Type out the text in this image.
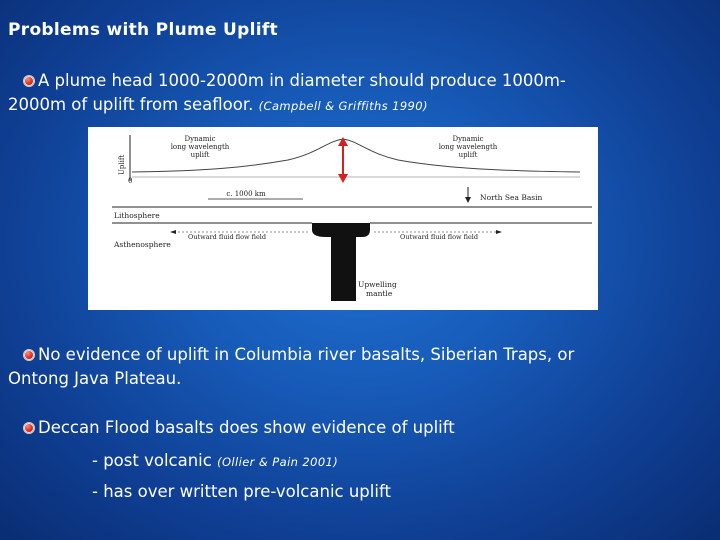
Problems with Plume Uplift
A plume head 1000-2000m in diameter should produce 1000m-
2000m of uplift from seafloor. (Campbell & Griffiths 1990)
Uplift
0
Dynamic
long wavelength
uplift
Dynamic
long wavelength
uplift
c. 1000 km	North Sea Basin
Lithosphere
Outward fluid flow field	Outward fluid flow field
Asthenosphere
Upwelling
mantle
No evidence of uplift in Columbia river basalts, Siberian Traps, or
Ontong Java Plateau.
Deccan Flood basalts does show evidence of uplift
- post volcanic (Ollier & Pain 2001)
- has over written pre-volcanic uplift
